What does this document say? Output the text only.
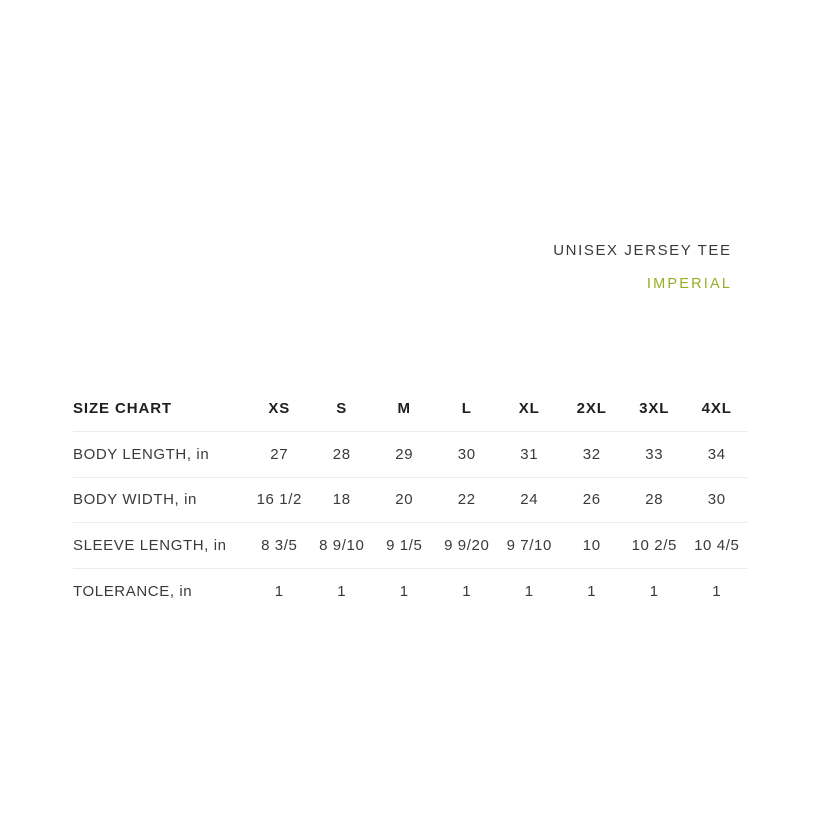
UNISEX JERSEY TEE
IMPERIAL
SIZE CHART	XS	S	M	L	XL	2XL	3XL	4XL
BODY LENGTH, in	27	28	29	30	31	32	33	34
BODY WIDTH, in	16 1/2	18	20	22	24	26	28	30
SLEEVE LENGTH, in	8 3/5	8 9/10	9 1/5	9 9/20	9 7/10	10	10 2/5	10 4/5
TOLERANCE, in	1	1	1	1	1	1	1	1
